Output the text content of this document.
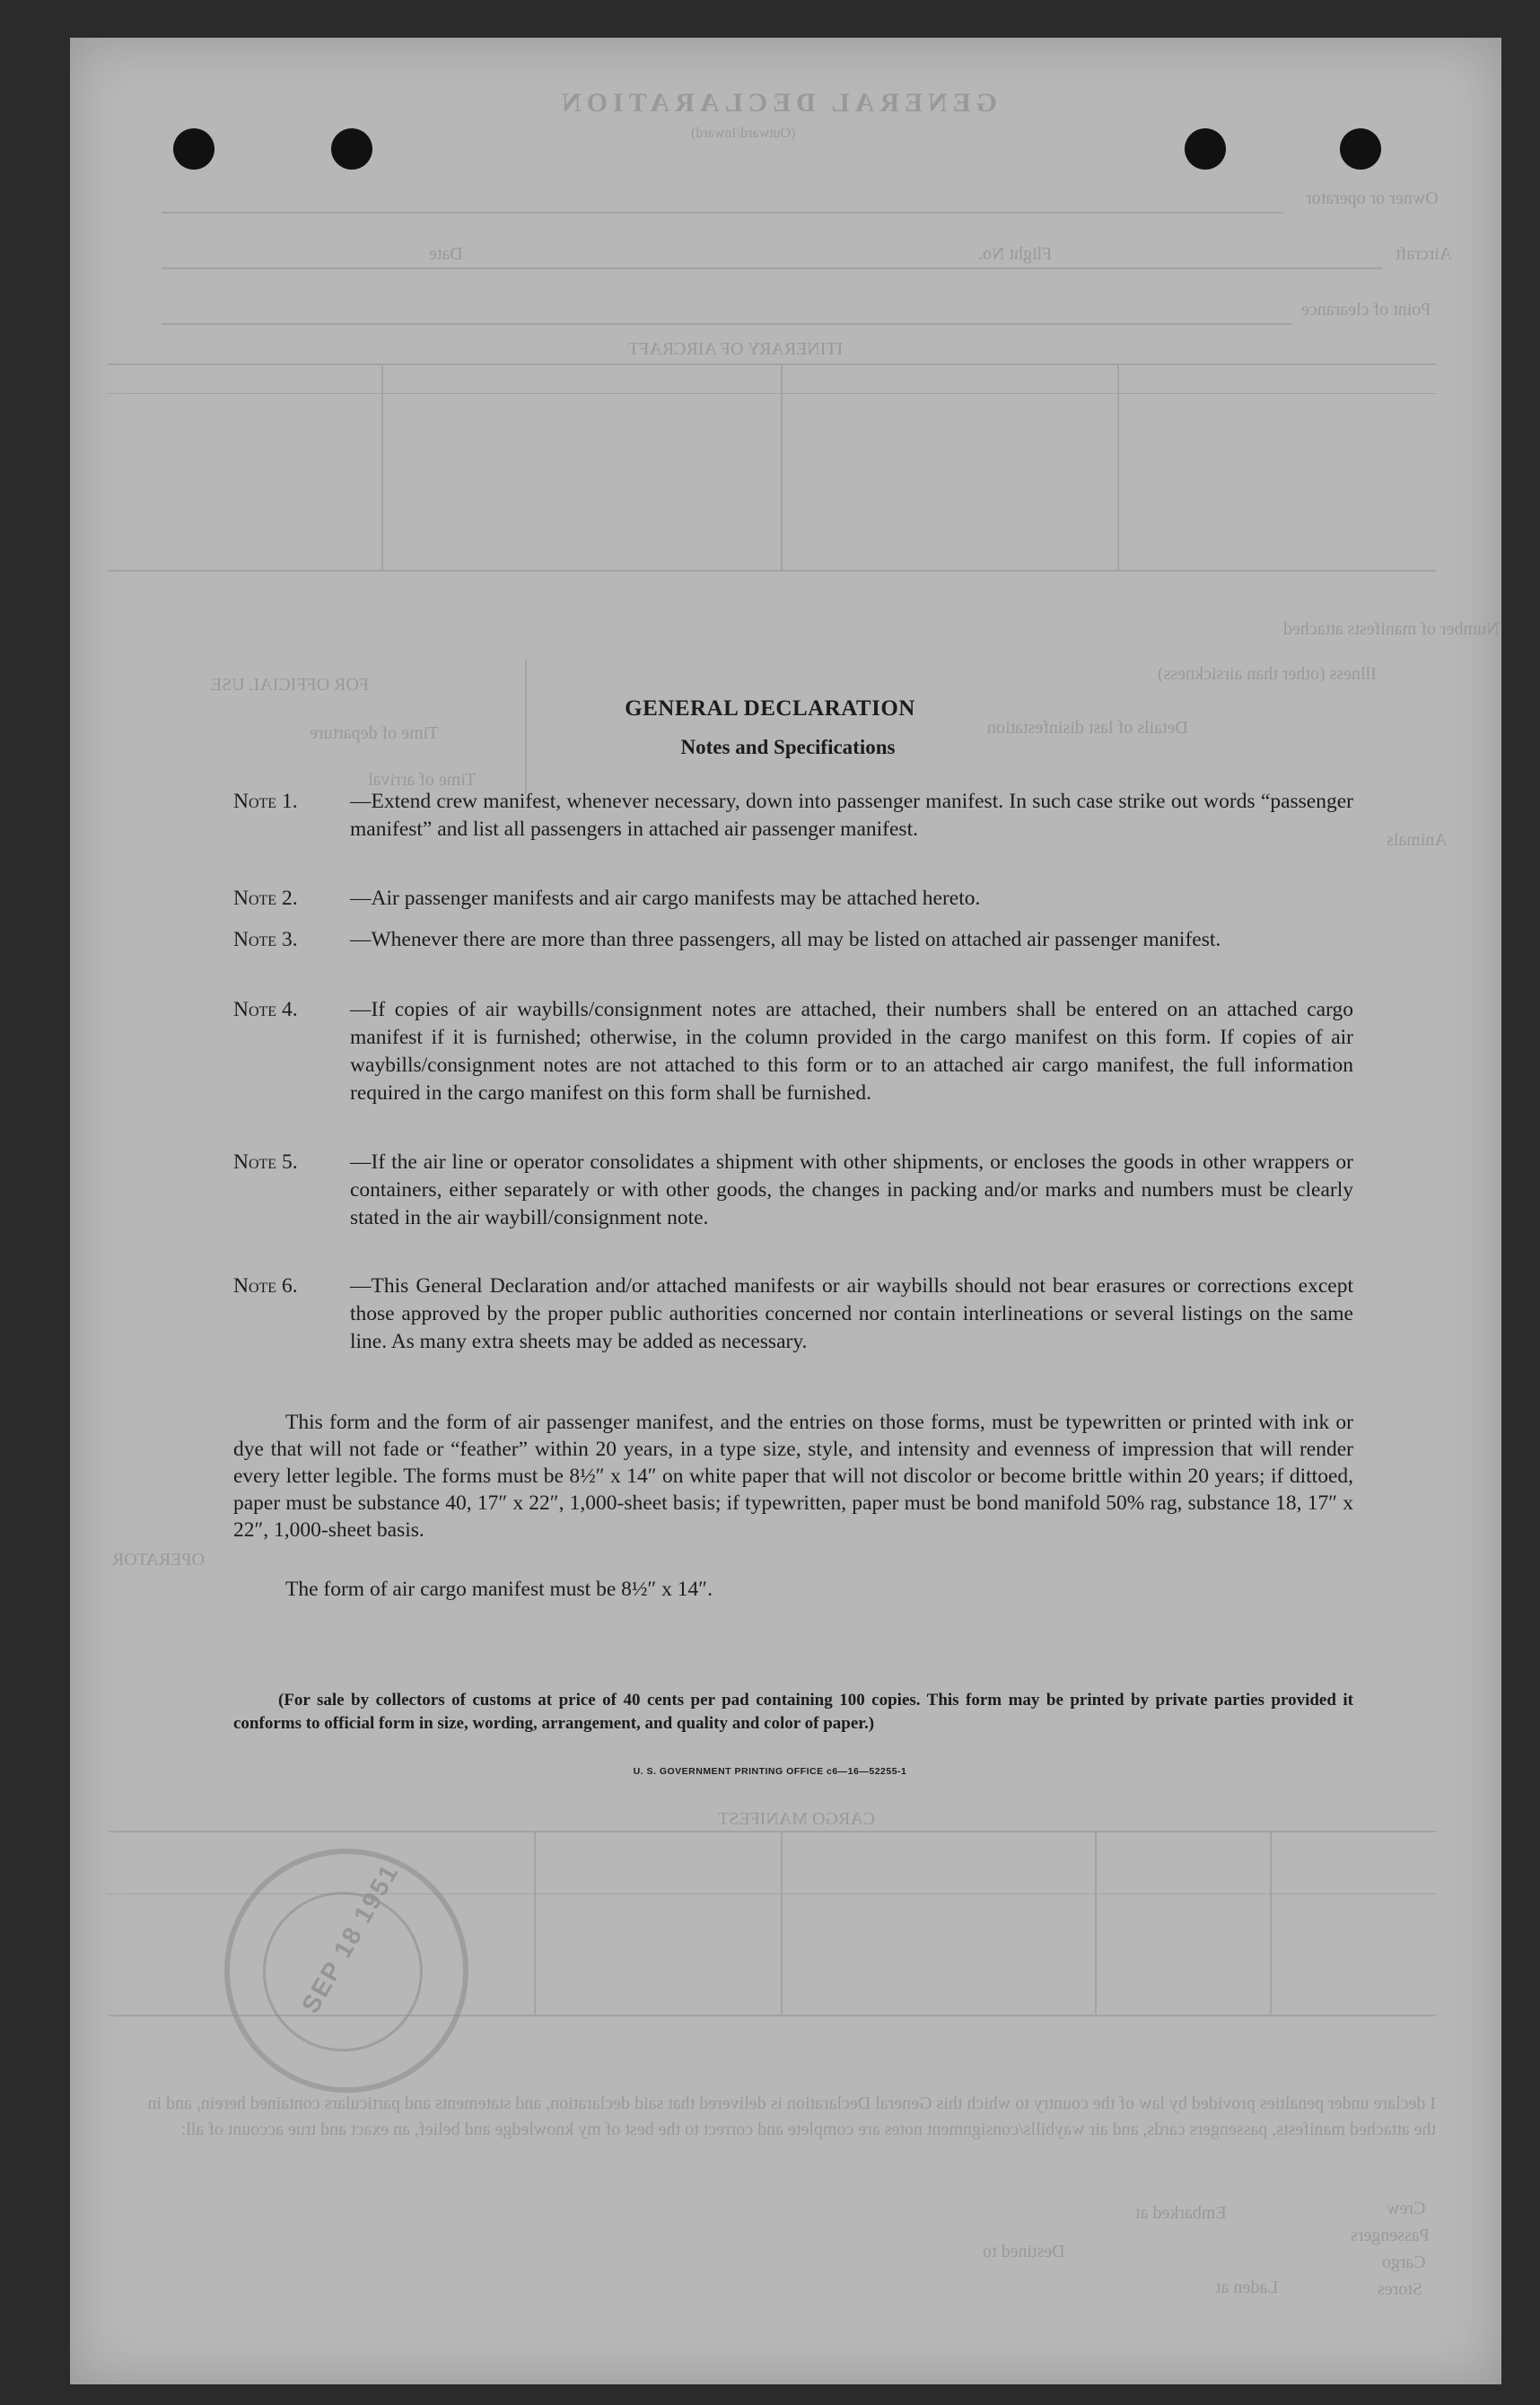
GENERAL DECLARATION
(Outward/Inward)
Owner or operator
Aircraft
Flight No.
Date
Point of clearance
ITINERARY OF AIRCRAFT
Number of manifests attached
Illness (other than airsickness)
Details of last disinfestation
FOR OFFICIAL USE
Time of departure
Time of arrival
Animals
OPERATOR
CARGO MANIFEST
I declare under penalties provided by law of the country to which this General Declaration is delivered that said declaration, and statements and particulars contained herein, and in the attached manifests, passengers cards, and air waybills/consignment notes are complete and correct to the best of my knowledge and belief, an exact and true account of all:
Crew
Passengers
Cargo
Stores
Embarked at
Destined to
Laden at
SEP 18 1951
GENERAL DECLARATION
Notes and Specifications
Note 1. —Extend crew manifest, whenever necessary, down into passenger manifest. In such case strike out words “passenger manifest” and list all passengers in attached air passenger manifest.
Note 2. —Air passenger manifests and air cargo manifests may be attached hereto.
Note 3. —Whenever there are more than three passengers, all may be listed on attached air passenger manifest.
Note 4. —If copies of air waybills/consignment notes are attached, their numbers shall be entered on an attached cargo manifest if it is furnished; otherwise, in the column provided in the cargo manifest on this form. If copies of air waybills/consignment notes are not attached to this form or to an attached air cargo manifest, the full information required in the cargo manifest on this form shall be furnished.
Note 5. —If the air line or operator consolidates a shipment with other shipments, or encloses the goods in other wrappers or containers, either separately or with other goods, the changes in packing and/or marks and numbers must be clearly stated in the air waybill/consignment note.
Note 6. —This General Declaration and/or attached manifests or air waybills should not bear erasures or corrections except those approved by the proper public authorities concerned nor contain interlineations or several listings on the same line. As many extra sheets may be added as necessary.
This form and the form of air passenger manifest, and the entries on those forms, must be typewritten or printed with ink or dye that will not fade or “feather” within 20 years, in a type size, style, and intensity and evenness of impression that will render every letter legible. The forms must be 8½″ x 14″ on white paper that will not discolor or become brittle within 20 years; if dittoed, paper must be substance 40, 17″ x 22″, 1,000-sheet basis; if typewritten, paper must be bond manifold 50% rag, substance 18, 17″ x 22″, 1,000-sheet basis.
The form of air cargo manifest must be 8½″ x 14″.
(For sale by collectors of customs at price of 40 cents per pad containing 100 copies. This form may be printed by private parties provided it conforms to official form in size, wording, arrangement, and quality and color of paper.)
U. S. GOVERNMENT PRINTING OFFICE c6—16—52255-1
